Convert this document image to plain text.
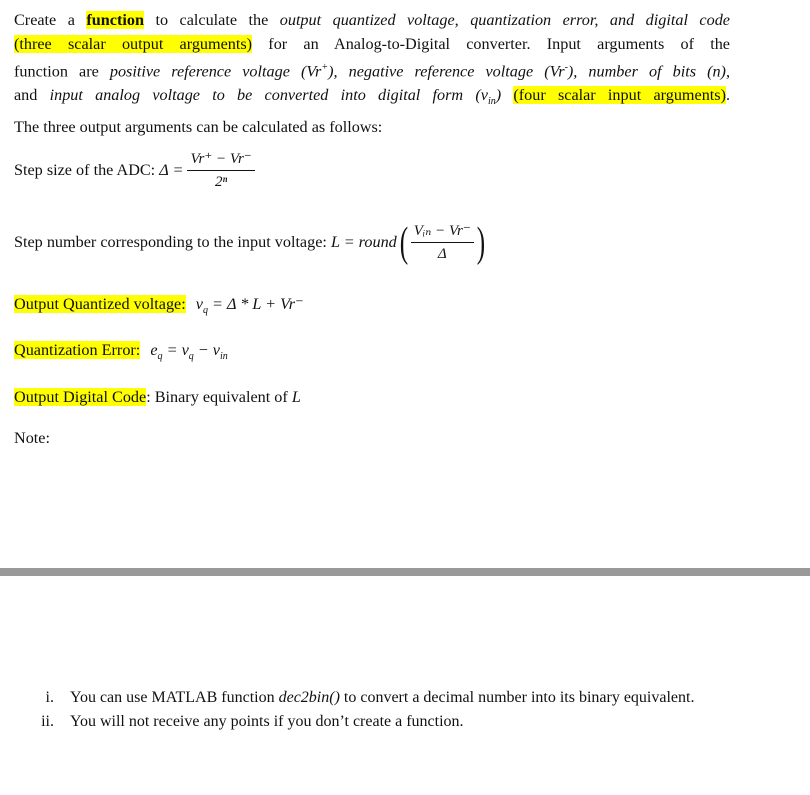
Create a function to calculate the output quantized voltage, quantization error, and digital code
(three scalar output arguments) for an Analog-to-Digital converter. Input arguments of the
function are positive reference voltage (Vr+), negative reference voltage (Vr-), number of bits (n),
and input analog voltage to be converted into digital form $(v_{in})$ (four scalar input arguments).
The three output arguments can be calculated as follows:
Step size of the ADC: $\Delta = \frac{Vr^+ - Vr^-}{\text{2ⁿ}}$
Step number corresponding to the input voltage: L = round( $\frac{\text{Vᵢₙ − Vr⁻}}{\Delta}$ )
Output Quantized voltage: $v_q = \Delta * L + Vr^-$
Quantization Error: $e_q = v_q - v_{in}$
Output Digital Code: Binary equivalent of L
Note:
i. You can use MATLAB function dec2bin() to convert a decimal number into its binary equivalent.
ii. You will not receive any points if you don’t create a function.
